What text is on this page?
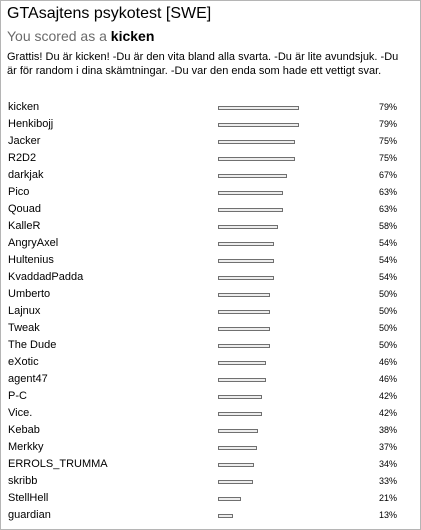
GTAsajtens psykotest [SWE]
You scored as a kicken
Grattis! Du är kicken! -Du är den vita bland alla svarta. -Du är lite avundsjuk. -Du är för random i dina skämtningar. -Du var den enda som hade ett vettigt svar.
kicken	79%
Henkibojj	79%
Jacker	75%
R2D2	75%
darkjak	67%
Pico	63%
Qouad	63%
KalleR	58%
AngryAxel	54%
Hultenius	54%
KvaddadPadda	54%
Umberto	50%
Lajnux	50%
Tweak	50%
The Dude	50%
eXotic	46%
agent47	46%
P-C	42%
Vice.	42%
Kebab	38%
Merkky	37%
ERROLS_TRUMMA	34%
skribb	33%
StellHell	21%
guardian	13%
